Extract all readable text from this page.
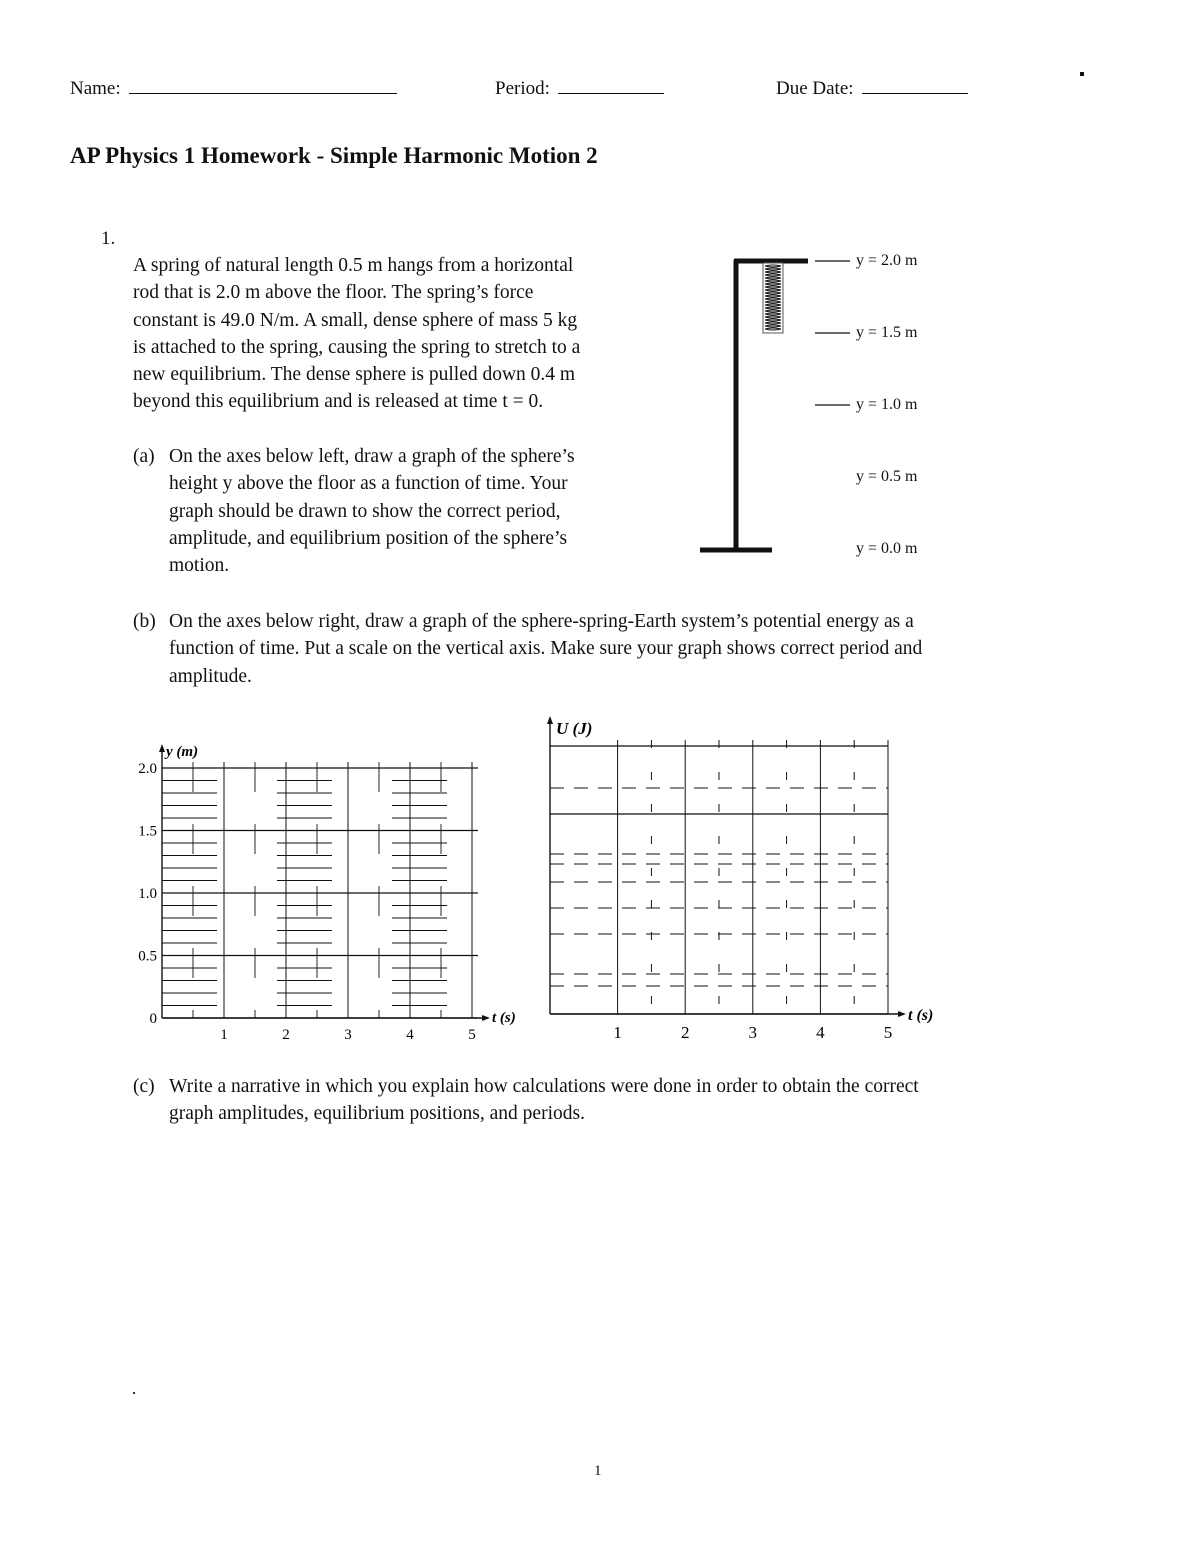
Name:	Period:	Due Date:
AP Physics 1 Homework - Simple Harmonic Motion 2
1.
A spring of natural length 0.5 m hangs from a horizontal
rod that is 2.0 m above the floor. The spring’s force
constant is 49.0 N/m. A small, dense sphere of mass 5 kg
is attached to the spring, causing the spring to stretch to a
new equilibrium. The dense sphere is pulled down 0.4 m
beyond this equilibrium and is released at time t = 0.
(a) On the axes below left, draw a graph of the sphere’s
height y above the floor as a function of time. Your
graph should be drawn to show the correct period,
amplitude, and equilibrium position of the sphere’s
motion.
(b) On the axes below right, draw a graph of the sphere-spring-Earth system’s potential energy as a
function of time. Put a scale on the vertical axis. Make sure your graph shows correct period and
amplitude.
y = 2.0 m
y = 1.5 m
y = 1.0 m
y = 0.5 m
y = 0.0 m
0
0.5
1.0
1.5
2.0
y (m)
t (s)
1	2	3	4	5
U (J)
t (s)
1	2	3	4	5
(c) Write a narrative in which you explain how calculations were done in order to obtain the correct
graph amplitudes, equilibrium positions, and periods.
1
